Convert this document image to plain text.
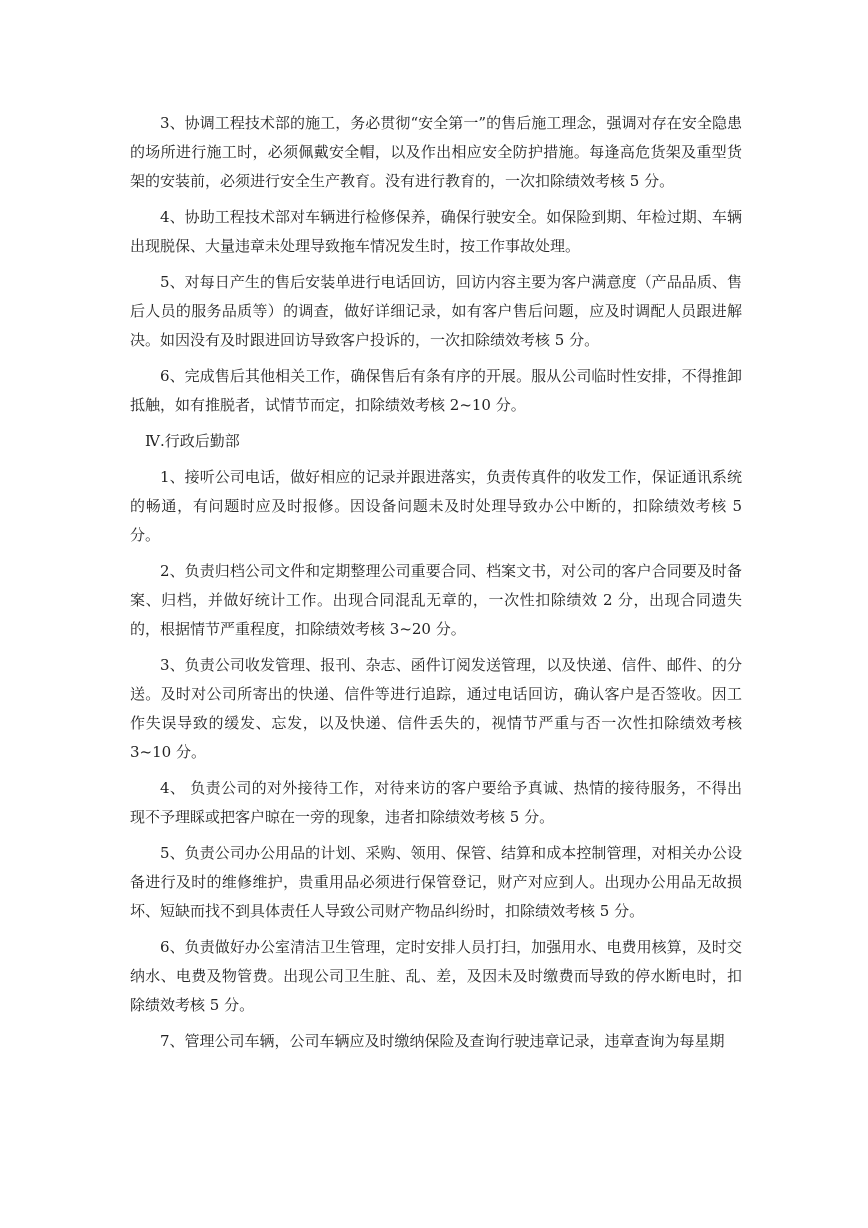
3、协调工程技术部的施工，务必贯彻“安全第一”的售后施工理念，强调对存在安全隐患的场所进行施工时，必须佩戴安全帽，以及作出相应安全防护措施。每逢高危货架及重型货架的安装前，必须进行安全生产教育。没有进行教育的，一次扣除绩效考核 5 分。

4、协助工程技术部对车辆进行检修保养，确保行驶安全。如保险到期、年检过期、车辆出现脱保、大量违章未处理导致拖车情况发生时，按工作事故处理。

5、对每日产生的售后安装单进行电话回访，回访内容主要为客户满意度（产品品质、售后人员的服务品质等）的调查，做好详细记录，如有客户售后问题，应及时调配人员跟进解决。如因没有及时跟进回访导致客户投诉的，一次扣除绩效考核 5 分。

6、完成售后其他相关工作，确保售后有条有序的开展。服从公司临时性安排，不得推卸抵触，如有推脱者，试情节而定，扣除绩效考核 2~10 分。

Ⅳ.行政后勤部

1、接听公司电话，做好相应的记录并跟进落实，负责传真件的收发工作，保证通讯系统的畅通，有问题时应及时报修。因设备问题未及时处理导致办公中断的，扣除绩效考核 5 分。

2、负责归档公司文件和定期整理公司重要合同、档案文书，对公司的客户合同要及时备案、归档，并做好统计工作。出现合同混乱无章的，一次性扣除绩效 2 分，出现合同遗失的，根据情节严重程度，扣除绩效考核 3~20 分。

3、负责公司收发管理、报刊、杂志、函件订阅发送管理，以及快递、信件、邮件、的分送。及时对公司所寄出的快递、信件等进行追踪，通过电话回访，确认客户是否签收。因工作失误导致的缓发、忘发，以及快递、信件丢失的，视情节严重与否一次性扣除绩效考核 3~10 分。

4、 负责公司的对外接待工作，对待来访的客户要给予真诚、热情的接待服务，不得出现不予理睬或把客户晾在一旁的现象，违者扣除绩效考核 5 分。

5、负责公司办公用品的计划、采购、领用、保管、结算和成本控制管理，对相关办公设备进行及时的维修维护，贵重用品必须进行保管登记，财产对应到人。出现办公用品无故损坏、短缺而找不到具体责任人导致公司财产物品纠纷时，扣除绩效考核 5 分。

6、负责做好办公室清洁卫生管理，定时安排人员打扫，加强用水、电费用核算，及时交纳水、电费及物管费。出现公司卫生脏、乱、差，及因未及时缴费而导致的停水断电时，扣除绩效考核 5 分。

7、管理公司车辆，公司车辆应及时缴纳保险及查询行驶违章记录，违章查询为每星期
